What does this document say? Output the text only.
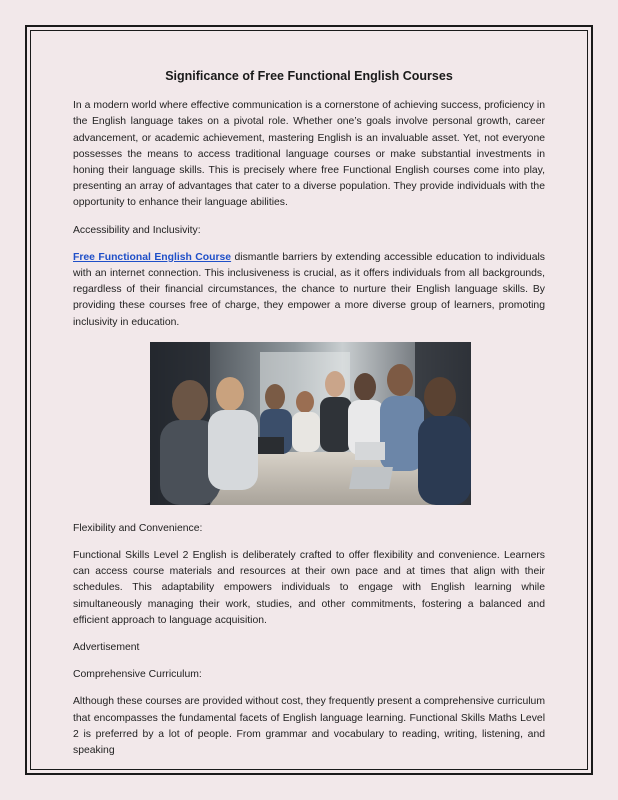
Significance of Free Functional English Courses

In a modern world where effective communication is a cornerstone of achieving success, proficiency in the English language takes on a pivotal role. Whether one’s goals involve personal growth, career advancement, or academic achievement, mastering English is an invaluable asset. Yet, not everyone possesses the means to access traditional language courses or make substantial investments in honing their language skills. This is precisely where free Functional English courses come into play, presenting an array of advantages that cater to a diverse population. They provide individuals with the opportunity to enhance their language abilities.

Accessibility and Inclusivity:

Free Functional English Course dismantle barriers by extending accessible education to individuals with an internet connection. This inclusiveness is crucial, as it offers individuals from all backgrounds, regardless of their financial circumstances, the chance to nurture their English language skills. By providing these courses free of charge, they empower a more diverse group of learners, promoting inclusivity in education.

Flexibility and Convenience:

Functional Skills Level 2 English is deliberately crafted to offer flexibility and convenience. Learners can access course materials and resources at their own pace and at times that align with their schedules. This adaptability empowers individuals to engage with English learning while simultaneously managing their work, studies, and other commitments, fostering a balanced and efficient approach to language acquisition.

Advertisement

Comprehensive Curriculum:

Although these courses are provided without cost, they frequently present a comprehensive curriculum that encompasses the fundamental facets of English language learning. Functional Skills Maths Level 2 is preferred by a lot of people. From grammar and vocabulary to reading, writing, listening, and speaking
